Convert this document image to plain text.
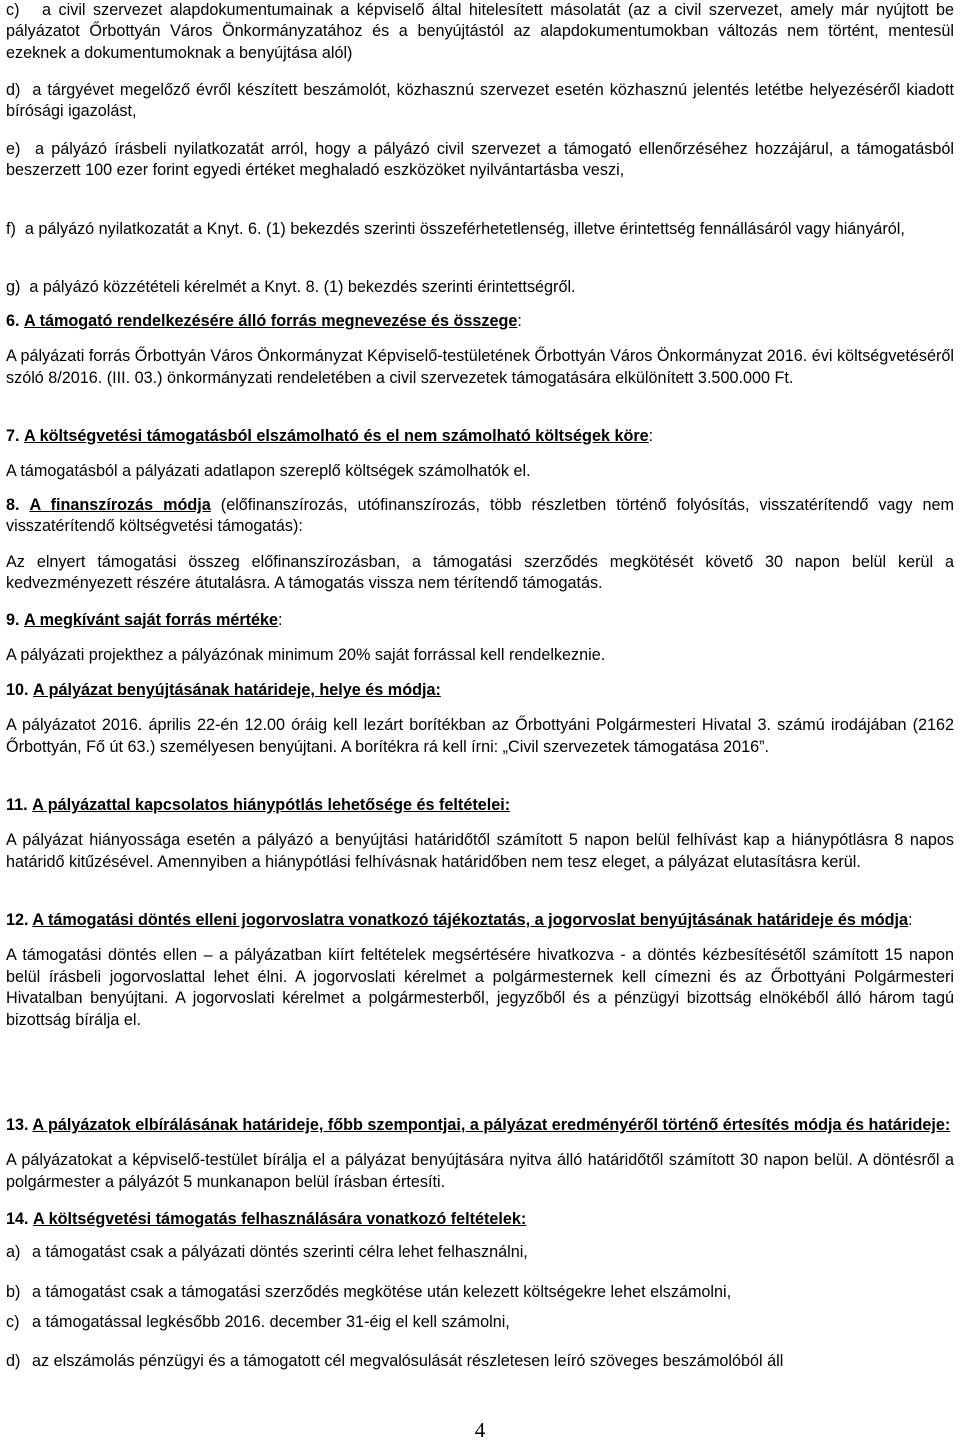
c) a civil szervezet alapdokumentumainak a képviselő által hitelesített másolatát (az a civil szervezet, amely már nyújtott be pályázatot Őrbottyán Város Önkormányzatához és a benyújtástól az alapdokumentumokban változás nem történt, mentesül ezeknek a dokumentumoknak a benyújtása alól)

d) a tárgyévet megelőző évről készített beszámolót, közhasznú szervezet esetén közhasznú jelentés letétbe helyezéséről kiadott bírósági igazolást,

e) a pályázó írásbeli nyilatkozatát arról, hogy a pályázó civil szervezet a támogató ellenőrzéséhez hozzájárul, a támogatásból beszerzett 100 ezer forint egyedi értéket meghaladó eszközöket nyilvántartásba veszi,

f) a pályázó nyilatkozatát a Knyt. 6. (1) bekezdés szerinti összeférhetetlenség, illetve érintettség fennállásáról vagy hiányáról,

g) a pályázó közzétételi kérelmét a Knyt. 8. (1) bekezdés szerinti érintettségről.

6. A támogató rendelkezésére álló forrás megnevezése és összege:

A pályázati forrás Őrbottyán Város Önkormányzat Képviselő-testületének Őrbottyán Város Önkormányzat 2016. évi költségvetéséről szóló 8/2016. (III. 03.) önkormányzati rendeletében a civil szervezetek támogatására elkülönített 3.500.000 Ft.

7. A költségvetési támogatásból elszámolható és el nem számolható költségek köre:

A támogatásból a pályázati adatlapon szereplő költségek számolhatók el.

8. A finanszírozás módja (előfinanszírozás, utófinanszírozás, több részletben történő folyósítás, visszatérítendő vagy nem visszatérítendő költségvetési támogatás):

Az elnyert támogatási összeg előfinanszírozásban, a támogatási szerződés megkötését követő 30 napon belül kerül a kedvezményezett részére átutalásra. A támogatás vissza nem térítendő támogatás.

9. A megkívánt saját forrás mértéke:

A pályázati projekthez a pályázónak minimum 20% saját forrással kell rendelkeznie.

10. A pályázat benyújtásának határideje, helye és módja:

A pályázatot 2016. április 22-én 12.00 óráig kell lezárt borítékban az Őrbottyáni Polgármesteri Hivatal 3. számú irodájában (2162 Őrbottyán, Fő út 63.) személyesen benyújtani. A borítékra rá kell írni: „Civil szervezetek támogatása 2016”.

11. A pályázattal kapcsolatos hiánypótlás lehetősége és feltételei:

A pályázat hiányossága esetén a pályázó a benyújtási határidőtől számított 5 napon belül felhívást kap a hiánypótlásra 8 napos határidő kitűzésével. Amennyiben a hiánypótlási felhívásnak határidőben nem tesz eleget, a pályázat elutasításra kerül.

12. A támogatási döntés elleni jogorvoslatra vonatkozó tájékoztatás, a jogorvoslat benyújtásának határideje és módja:

A támogatási döntés ellen – a pályázatban kiírt feltételek megsértésére hivatkozva - a döntés kézbesítésétől számított 15 napon belül írásbeli jogorvoslattal lehet élni. A jogorvoslati kérelmet a polgármesternek kell címezni és az Őrbottyáni Polgármesteri Hivatalban benyújtani. A jogorvoslati kérelmet a polgármesterből, jegyzőből és a pénzügyi bizottság elnökéből álló három tagú bizottság bírálja el.

13. A pályázatok elbírálásának határideje, főbb szempontjai, a pályázat eredményéről történő értesítés módja és határideje:

A pályázatokat a képviselő-testület bírálja el a pályázat benyújtására nyitva álló határidőtől számított 30 napon belül. A döntésről a polgármester a pályázót 5 munkanapon belül írásban értesíti.

14. A költségvetési támogatás felhasználására vonatkozó feltételek:

a) a támogatást csak a pályázati döntés szerinti célra lehet felhasználni,
b) a támogatást csak a támogatási szerződés megkötése után kelezett költségekre lehet elszámolni,
c) a támogatással legkésőbb 2016. december 31-éig el kell számolni,
d) az elszámolás pénzügyi és a támogatott cél megvalósulását részletesen leíró szöveges beszámolóból áll
4
